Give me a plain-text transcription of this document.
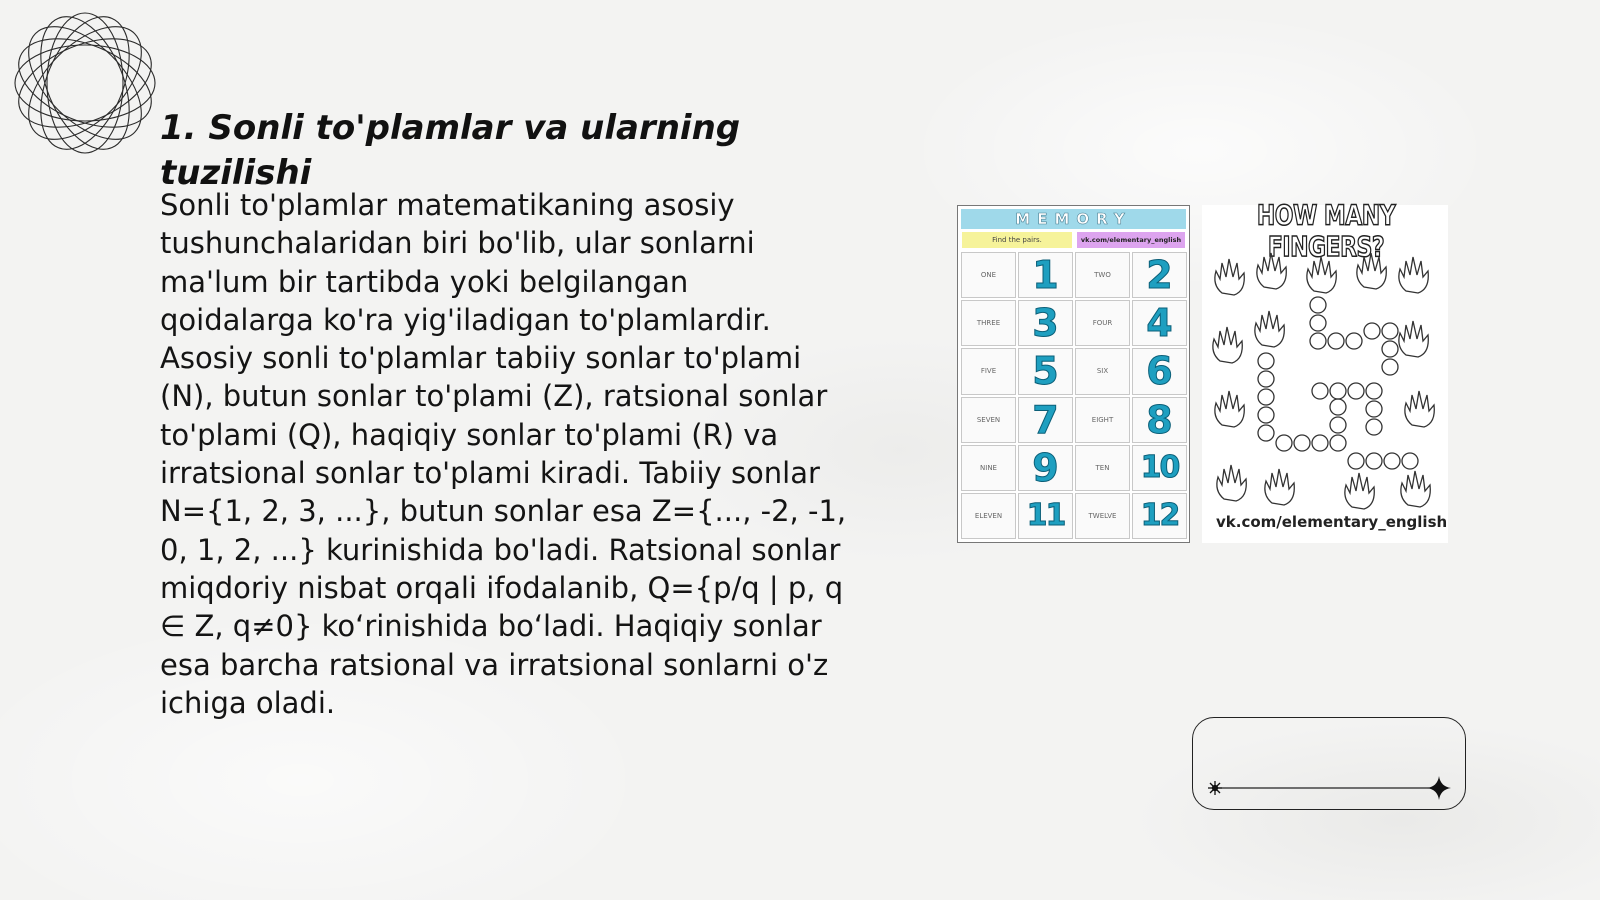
1. Sonli to'plamlar va ularning tuzilishi

Sonli to'plamlar matematikaning asosiy tushunchalaridan biri bo'lib, ular sonlarni ma'lum bir tartibda yoki belgilangan qoidalarga ko'ra yig'iladigan to'plamlardir. Asosiy sonli to'plamlar tabiiy sonlar to'plami (N), butun sonlar to'plami (Z), ratsional sonlar to'plami (Q), haqiqiy sonlar to'plami (R) va irratsional sonlar to'plami kiradi. Tabiiy sonlar N={1, 2, 3, ...}, butun sonlar esa Z={..., -2, -1, 0, 1, 2, ...} kurinishida bo'ladi. Ratsional sonlar miqdoriy nisbat orqali ifodalanib, Q={p/q | p, q ∈ Z, q≠0} ko‘rinishida bo‘ladi. Haqiqiy sonlar esa barcha ratsional va irratsional sonlarni o'z ichiga oladi.

MEMORY
Find the pairs.	vk.com/elementary_english
ONE 1	TWO 2
THREE 3	FOUR 4
FIVE 5	SIX 6
SEVEN 7	EIGHT 8
NINE 9	TEN 10
ELEVEN 11	TWELVE 12
HOW MANY FINGERS?
vk.com/elementary_english
